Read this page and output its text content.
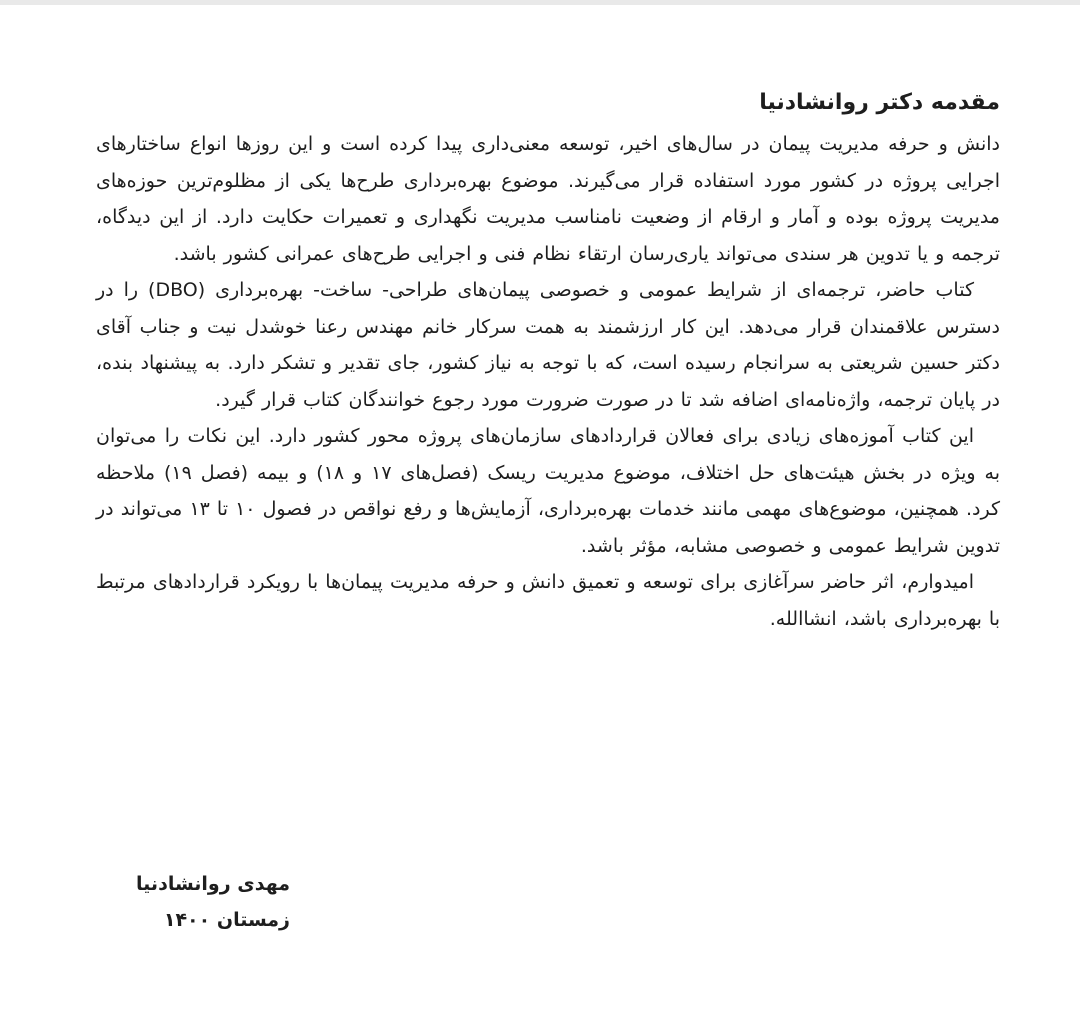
مقدمه دکتر روانشادنیا

دانش و حرفه مدیریت پیمان در سال‌های اخیر، توسعه معنی‌داری پیدا کرده است و این روزها انواع ساختارهای اجرایی پروژه در کشور مورد استفاده قرار می‌گیرند. موضوع بهره‌برداری طرح‌ها یکی از مظلوم‌ترین حوزه‌های مدیریت پروژه بوده و آمار و ارقام از وضعیت نامناسب مدیریت نگهداری و تعمیرات حکایت دارد. از این دیدگاه، ترجمه و یا تدوین هر سندی می‌تواند یاری‌رسان ارتقاء نظام فنی و اجرایی طرح‌های عمرانی کشور باشد.

کتاب حاضر، ترجمه‌ای از شرایط عمومی و خصوصی پیمان‌های طراحی- ساخت- بهره‌برداری (DBO) را در دسترس علاقمندان قرار می‌دهد. این کار ارزشمند به همت سرکار خانم مهندس رعنا خوشدل نیت و جناب آقای دکتر حسین شریعتی به سرانجام رسیده است، که با توجه به نیاز کشور، جای تقدیر و تشکر دارد. به پیشنهاد بنده، در پایان ترجمه، واژه‌نامه‌ای اضافه شد تا در صورت ضرورت مورد رجوع خوانندگان کتاب قرار گیرد.

این کتاب آموزه‌های زیادی برای فعالان قراردادهای سازمان‌های پروژه محور کشور دارد. این نکات را می‌توان به ویژه در بخش هیئت‌های حل اختلاف، موضوع مدیریت ریسک (فصل‌های ۱۷ و ۱۸) و بیمه (فصل ۱۹) ملاحظه کرد. همچنین، موضوع‌های مهمی مانند خدمات بهره‌برداری، آزمایش‌ها و رفع نواقص در فصول ۱۰ تا ۱۳ می‌تواند در تدوین شرایط عمومی و خصوصی مشابه، مؤثر باشد.

امیدوارم، اثر حاضر سرآغازی برای توسعه و تعمیق دانش و حرفه مدیریت پیمان‌ها با رویکرد قراردادهای مرتبط با بهره‌برداری باشد، انشاالله.

مهدی روانشادنیا
زمستان ۱۴۰۰
